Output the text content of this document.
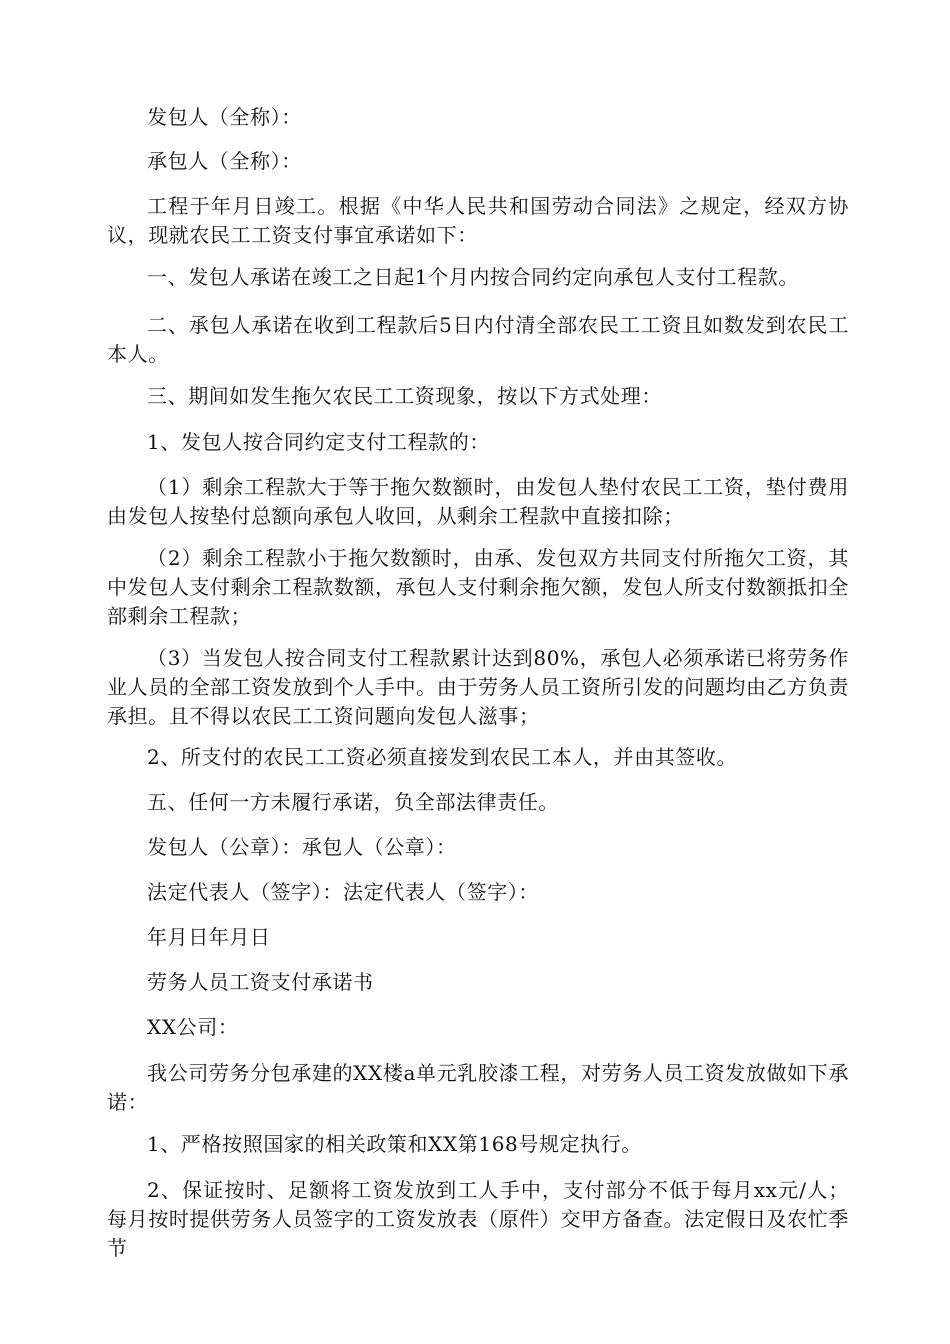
发包人（全称）：

承包人（全称）：

工程于年月日竣工。根据《中华人民共和国劳动合同法》之规定，经双方协议，现就农民工工资支付事宜承诺如下：

一、发包人承诺在竣工之日起1个月内按合同约定向承包人支付工程款。

二、承包人承诺在收到工程款后5日内付清全部农民工工资且如数发到农民工本人。

三、期间如发生拖欠农民工工资现象，按以下方式处理：

1、发包人按合同约定支付工程款的：

（1）剩余工程款大于等于拖欠数额时，由发包人垫付农民工工资，垫付费用由发包人按垫付总额向承包人收回，从剩余工程款中直接扣除；

（2）剩余工程款小于拖欠数额时，由承、发包双方共同支付所拖欠工资，其中发包人支付剩余工程款数额，承包人支付剩余拖欠额，发包人所支付数额抵扣全部剩余工程款；

（3）当发包人按合同支付工程款累计达到80%，承包人必须承诺已将劳务作业人员的全部工资发放到个人手中。由于劳务人员工资所引发的问题均由乙方负责承担。且不得以农民工工资问题向发包人滋事；

2、所支付的农民工工资必须直接发到农民工本人，并由其签收。

五、任何一方未履行承诺，负全部法律责任。

发包人（公章）：承包人（公章）：

法定代表人（签字）：法定代表人（签字）：

年月日年月日

劳务人员工资支付承诺书

XX公司：

我公司劳务分包承建的XX楼a单元乳胶漆工程，对劳务人员工资发放做如下承诺：

1、严格按照国家的相关政策和XX第168号规定执行。

2、保证按时、足额将工资发放到工人手中，支付部分不低于每月xx元/人；每月按时提供劳务人员签字的工资发放表（原件）交甲方备查。法定假日及农忙季节
